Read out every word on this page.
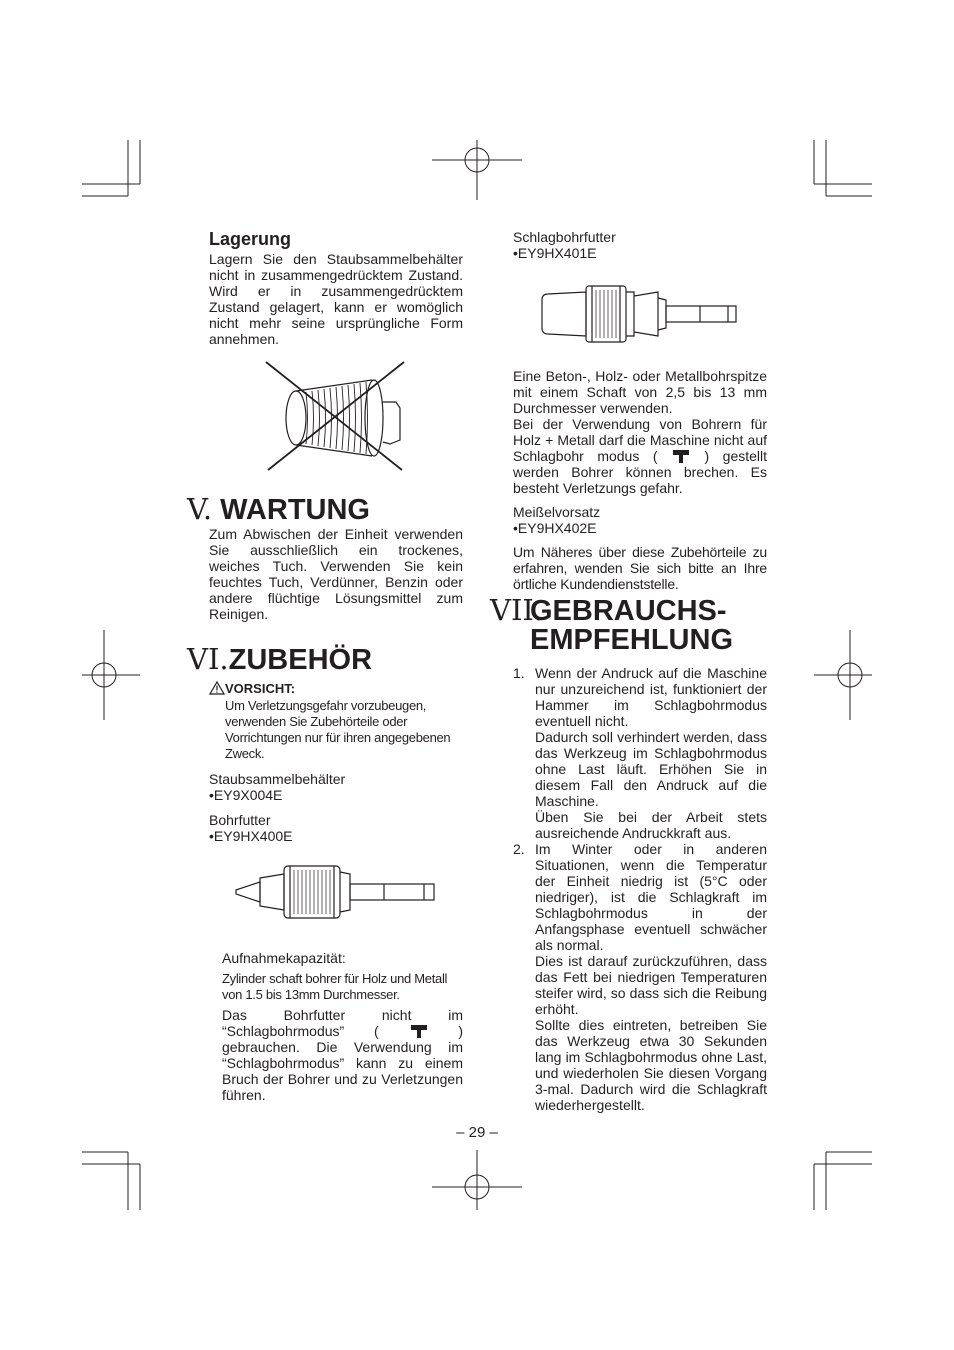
Lagerung
Lagern Sie den Staubsammelbehälter nicht in zusammengedrücktem Zustand. Wird er in zusammengedrücktem Zustand gelagert, kann er womöglich nicht mehr seine ursprüngliche Form annehmen.
V. WARTUNG
Zum Abwischen der Einheit verwenden Sie ausschließlich ein trockenes, weiches Tuch. Verwenden Sie kein feuchtes Tuch, Verdünner, Benzin oder andere flüchtige Lösungsmittel zum Reinigen.
VI.ZUBEHÖR
VORSICHT:
Um Verletzungsgefahr vorzubeugen, verwenden Sie Zubehörteile oder Vorrichtungen nur für ihren angegebenen Zweck.
Staubsammelbehälter
•EY9X004E
Bohrfutter
•EY9HX400E
Aufnahmekapazität:
Zylinder schaft bohrer für Holz und Metall von 1.5 bis 13mm Durchmesser.
Das Bohrfutter nicht im “Schlagbohrmodus” (	) gebrauchen. Die Verwendung im “Schlagbohrmodus” kann zu einem Bruch der Bohrer und zu Verletzungen führen.
Schlagbohrfutter
•EY9HX401E
Eine Beton-, Holz- oder Metallbohrspitze mit einem Schaft von 2,5 bis 13 mm Durchmesser verwenden.
Bei der Verwendung von Bohrern für Holz + Metall darf die Maschine nicht auf Schlagbohr modus (	) gestellt werden Bohrer können brechen. Es besteht Verletzungs gefahr.
Meißelvorsatz
•EY9HX402E
Um Näheres über diese Zubehörteile zu erfahren, wenden Sie sich bitte an Ihre örtliche Kundendienststelle.
VII.GEBRAUCHS-
EMPFEHLUNG
1. Wenn der Andruck auf die Maschine nur unzureichend ist, funktioniert der Hammer im Schlagbohrmodus eventuell nicht.
Dadurch soll verhindert werden, dass das Werkzeug im Schlagbohrmodus ohne Last läuft. Erhöhen Sie in diesem Fall den Andruck auf die Maschine.
Üben Sie bei der Arbeit stets ausreichende Andruckkraft aus.
2. Im Winter oder in anderen Situationen, wenn die Temperatur der Einheit niedrig ist (5°C oder niedriger), ist die Schlagkraft im Schlagbohrmodus in der Anfangsphase eventuell schwächer als normal.
Dies ist darauf zurückzuführen, dass das Fett bei niedrigen Temperaturen steifer wird, so dass sich die Reibung erhöht.
Sollte dies eintreten, betreiben Sie das Werkzeug etwa 30 Sekunden lang im Schlagbohrmodus ohne Last, und wiederholen Sie diesen Vorgang 3-mal. Dadurch wird die Schlagkraft wiederhergestellt.
– 29 –
